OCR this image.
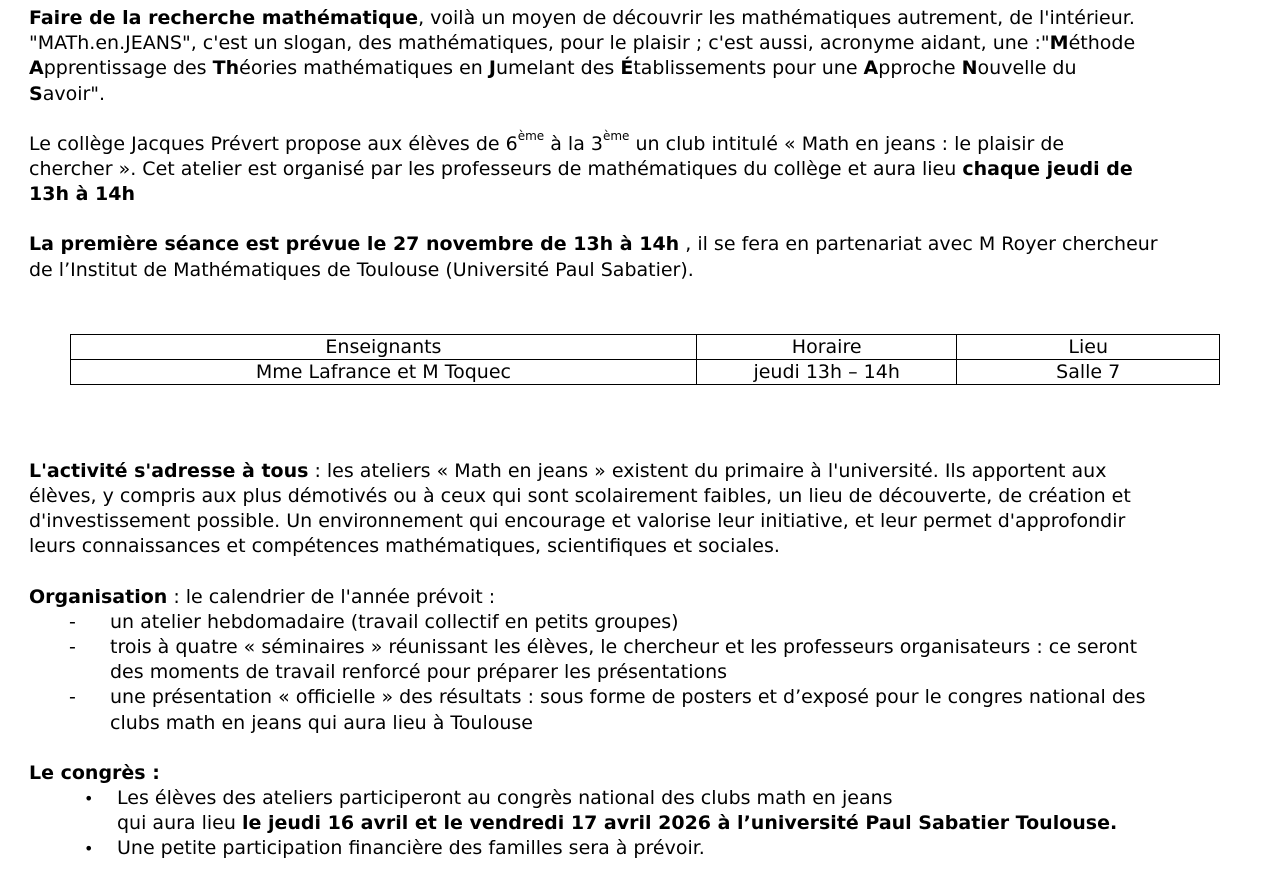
Faire de la recherche mathématique, voilà un moyen de découvrir les mathématiques autrement, de l'intérieur.
"MATh.en.JEANS", c'est un slogan, des mathématiques, pour le plaisir ; c'est aussi, acronyme aidant, une :"Méthode
Apprentissage des Théories mathématiques en Jumelant des Établissements pour une Approche Nouvelle du
Savoir".

Le collège Jacques Prévert propose aux élèves de 6ème à la 3ème un club intitulé « Math en jeans : le plaisir de
chercher ». Cet atelier est organisé par les professeurs de mathématiques du collège et aura lieu chaque jeudi de
13h à 14h

La première séance est prévue le 27 novembre de 13h à 14h , il se fera en partenariat avec M Royer chercheur
de l’Institut de Mathématiques de Toulouse (Université Paul Sabatier).

Enseignants	Horaire	Lieu
Mme Lafrance et M Toquec	jeudi 13h – 14h	Salle 7

L'activité s'adresse à tous : les ateliers « Math en jeans » existent du primaire à l'université. Ils apportent aux
élèves, y compris aux plus démotivés ou à ceux qui sont scolairement faibles, un lieu de découverte, de création et
d'investissement possible. Un environnement qui encourage et valorise leur initiative, et leur permet d'approfondir
leurs connaissances et compétences mathématiques, scientifiques et sociales.

Organisation : le calendrier de l'année prévoit :

- un atelier hebdomadaire (travail collectif en petits groupes)
- trois à quatre « séminaires » réunissant les élèves, le chercheur et les professeurs organisateurs : ce seront
des moments de travail renforcé pour préparer les présentations
- une présentation « officielle » des résultats : sous forme de posters et d’exposé pour le congres national des
clubs math en jeans qui aura lieu à Toulouse

Le congrès :

• Les élèves des ateliers participeront au congrès national des clubs math en jeans
qui aura lieu le jeudi 16 avril et le vendredi 17 avril 2026 à l’université Paul Sabatier Toulouse.
• Une petite participation financière des familles sera à prévoir.
